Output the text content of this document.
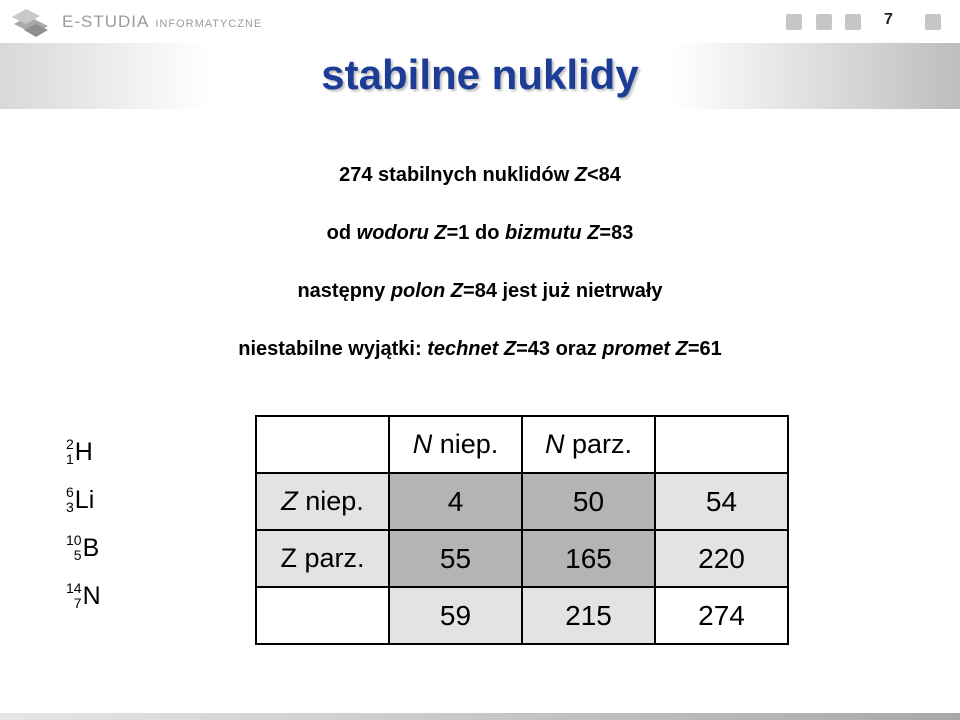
E-STUDIA INFORMATYCZNE	7
stabilne nuklidy
274 stabilnych nuklidów Z<84
od wodoru Z=1 do bizmutu Z=83
następny polon Z=84 jest już nietrwały
niestabilne wyjątki: technet Z=43 oraz promet Z=61
2
1 H
6
3 Li
10
5 B
14
7 N
	N niep.	N parz.	
Z niep.	4	50	54
Z parz.	55	165	220
	59	215	274
